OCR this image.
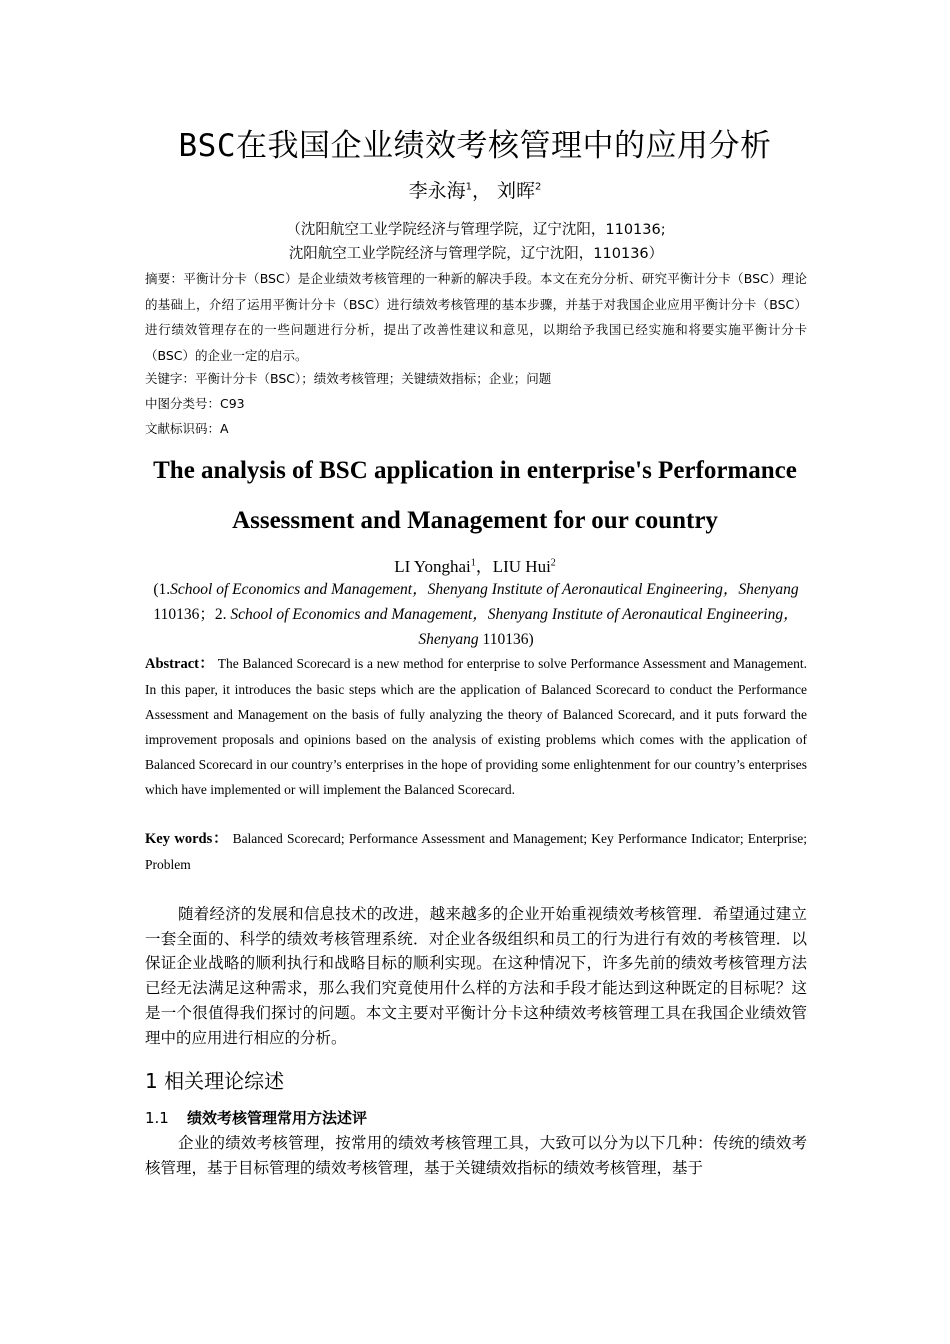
BSC在我国企业绩效考核管理中的应用分析
李永海$^1$， 刘晖$^2$
（沈阳航空工业学院经济与管理学院，辽宁沈阳，110136;
沈阳航空工业学院经济与管理学院，辽宁沈阳，110136）
摘要：平衡计分卡（BSC）是企业绩效考核管理的一种新的解决手段。本文在充分分析、研究平衡计分卡（BSC）理论的基础上，介绍了运用平衡计分卡（BSC）进行绩效考核管理的基本步骤，并基于对我国企业应用平衡计分卡（BSC）进行绩效管理存在的一些问题进行分析，提出了改善性建议和意见，以期给予我国已经实施和将要实施平衡计分卡（BSC）的企业一定的启示。
关键字：平衡计分卡（BSC）；绩效考核管理；关键绩效指标；企业；问题
中图分类号：C93
文献标识码：A
The analysis of BSC application in enterprise's Performance
Assessment and Management for our country
LI Yonghai$^1$，LIU Hui$^2$
(1.School of Economics and Management，Shenyang Institute of Aeronautical Engineering，Shenyang 110136；2. School of Economics and Management，Shenyang Institute of Aeronautical Engineering，Shenyang 110136)
Abstract： The Balanced Scorecard is a new method for enterprise to solve Performance Assessment and Management. In this paper, it introduces the basic steps which are the application of Balanced Scorecard to conduct the Performance Assessment and Management on the basis of fully analyzing the theory of Balanced Scorecard, and it puts forward the improvement proposals and opinions based on the analysis of existing problems which comes with the application of Balanced Scorecard in our country’s enterprises in the hope of providing some enlightenment for our country’s enterprises which have implemented or will implement the Balanced Scorecard.
Key words： Balanced Scorecard; Performance Assessment and Management; Key Performance Indicator; Enterprise; Problem
随着经济的发展和信息技术的改进，越来越多的企业开始重视绩效考核管理．希望通过建立一套全面的、科学的绩效考核管理系统．对企业各级组织和员工的行为进行有效的考核管理．以保证企业战略的顺利执行和战略目标的顺利实现。在这种情况下，许多先前的绩效考核管理方法已经无法满足这种需求，那么我们究竟使用什么样的方法和手段才能达到这种既定的目标呢？这是一个很值得我们探讨的问题。本文主要对平衡计分卡这种绩效考核管理工具在我国企业绩效管理中的应用进行相应的分析。
1 相关理论综述
1.1 绩效考核管理常用方法述评
企业的绩效考核管理，按常用的绩效考核管理工具，大致可以分为以下几种：传统的绩效考核管理，基于目标管理的绩效考核管理，基于关键绩效指标的绩效考核管理，基于
